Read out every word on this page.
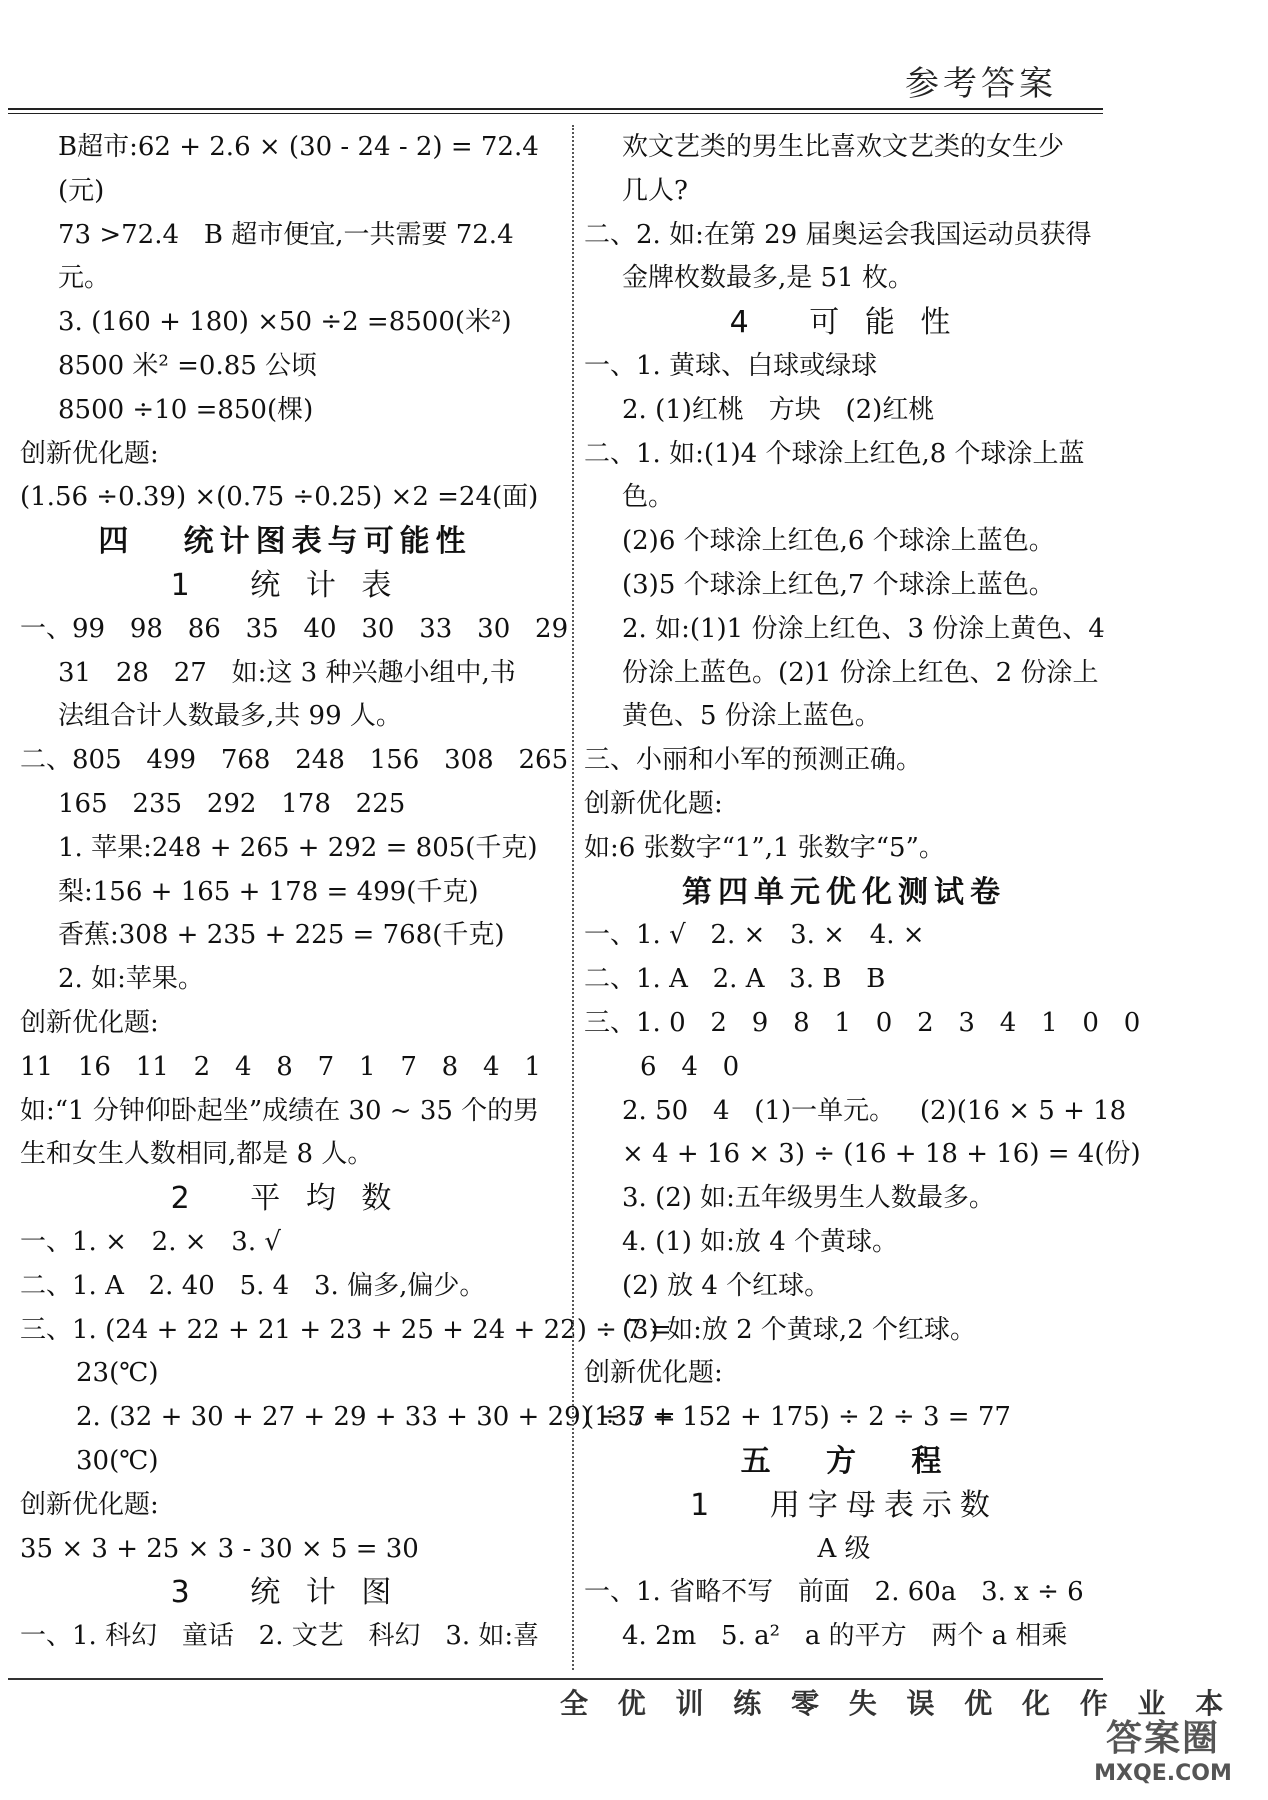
参考答案
B超市:62 + 2.6 × (30 - 24 - 2) = 72.4
(元)
73 >72.4   B 超市便宜,一共需要 72.4
元。
3. (160 + 180) ×50 ÷2 =8500(米²)
8500 米² =0.85 公顷
8500 ÷10 =850(棵)
创新优化题:
(1.56 ÷0.39) ×(0.75 ÷0.25) ×2 =24(面)
四   统计图表与可能性
1   统 计 表
一、99   98   86   35   40   30   33   30   29
31   28   27   如:这 3 种兴趣小组中,书
法组合计人数最多,共 99 人。
二、805   499   768   248   156   308   265
165   235   292   178   225
1. 苹果:248 + 265 + 292 = 805(千克)
梨:156 + 165 + 178 = 499(千克)
香蕉:308 + 235 + 225 = 768(千克)
2. 如:苹果。
创新优化题:
11   16   11   2   4   8   7   1   7   8   4   1
如:“1 分钟仰卧起坐”成绩在 30 ~ 35 个的男
生和女生人数相同,都是 8 人。
2   平 均 数
一、1. ×   2. ×   3. √
二、1. A   2. 40   5. 4   3. 偏多,偏少。
三、1. (24 + 22 + 21 + 23 + 25 + 24 + 22) ÷ 7 =
23(℃)
2. (32 + 30 + 27 + 29 + 33 + 30 + 29) ÷ 7 =
30(℃)
创新优化题:
35 × 3 + 25 × 3 - 30 × 5 = 30
3   统 计 图
一、1. 科幻   童话   2. 文艺   科幻   3. 如:喜
欢文艺类的男生比喜欢文艺类的女生少
几人?
二、2. 如:在第 29 届奥运会我国运动员获得
金牌枚数最多,是 51 枚。
4   可 能 性
一、1. 黄球、白球或绿球
2. (1)红桃   方块   (2)红桃
二、1. 如:(1)4 个球涂上红色,8 个球涂上蓝
色。
(2)6 个球涂上红色,6 个球涂上蓝色。
(3)5 个球涂上红色,7 个球涂上蓝色。
2. 如:(1)1 份涂上红色、3 份涂上黄色、4
份涂上蓝色。(2)1 份涂上红色、2 份涂上
黄色、5 份涂上蓝色。
三、小丽和小军的预测正确。
创新优化题:
如:6 张数字“1”,1 张数字“5”。
第四单元优化测试卷
一、1. √   2. ×   3. ×   4. ×
二、1. A   2. A   3. B   B
三、1. 0   2   9   8   1   0   2   3   4   1   0   0
6   4   0
2. 50   4   (1)一单元。   (2)(16 × 5 + 18
× 4 + 16 × 3) ÷ (16 + 18 + 16) = 4(份)
3. (2) 如:五年级男生人数最多。
4. (1) 如:放 4 个黄球。
(2) 放 4 个红球。
(3) 如:放 2 个黄球,2 个红球。
创新优化题:
(135 + 152 + 175) ÷ 2 ÷ 3 = 77
五   方   程
1   用字母表示数
A 级
一、1. 省略不写   前面   2. 60a   3. x ÷ 6
4. 2m   5. a²   a 的平方   两个 a 相乘
全 优 训 练 零 失 误 优 化 作 业 本
答案圈
MXQE.COM
